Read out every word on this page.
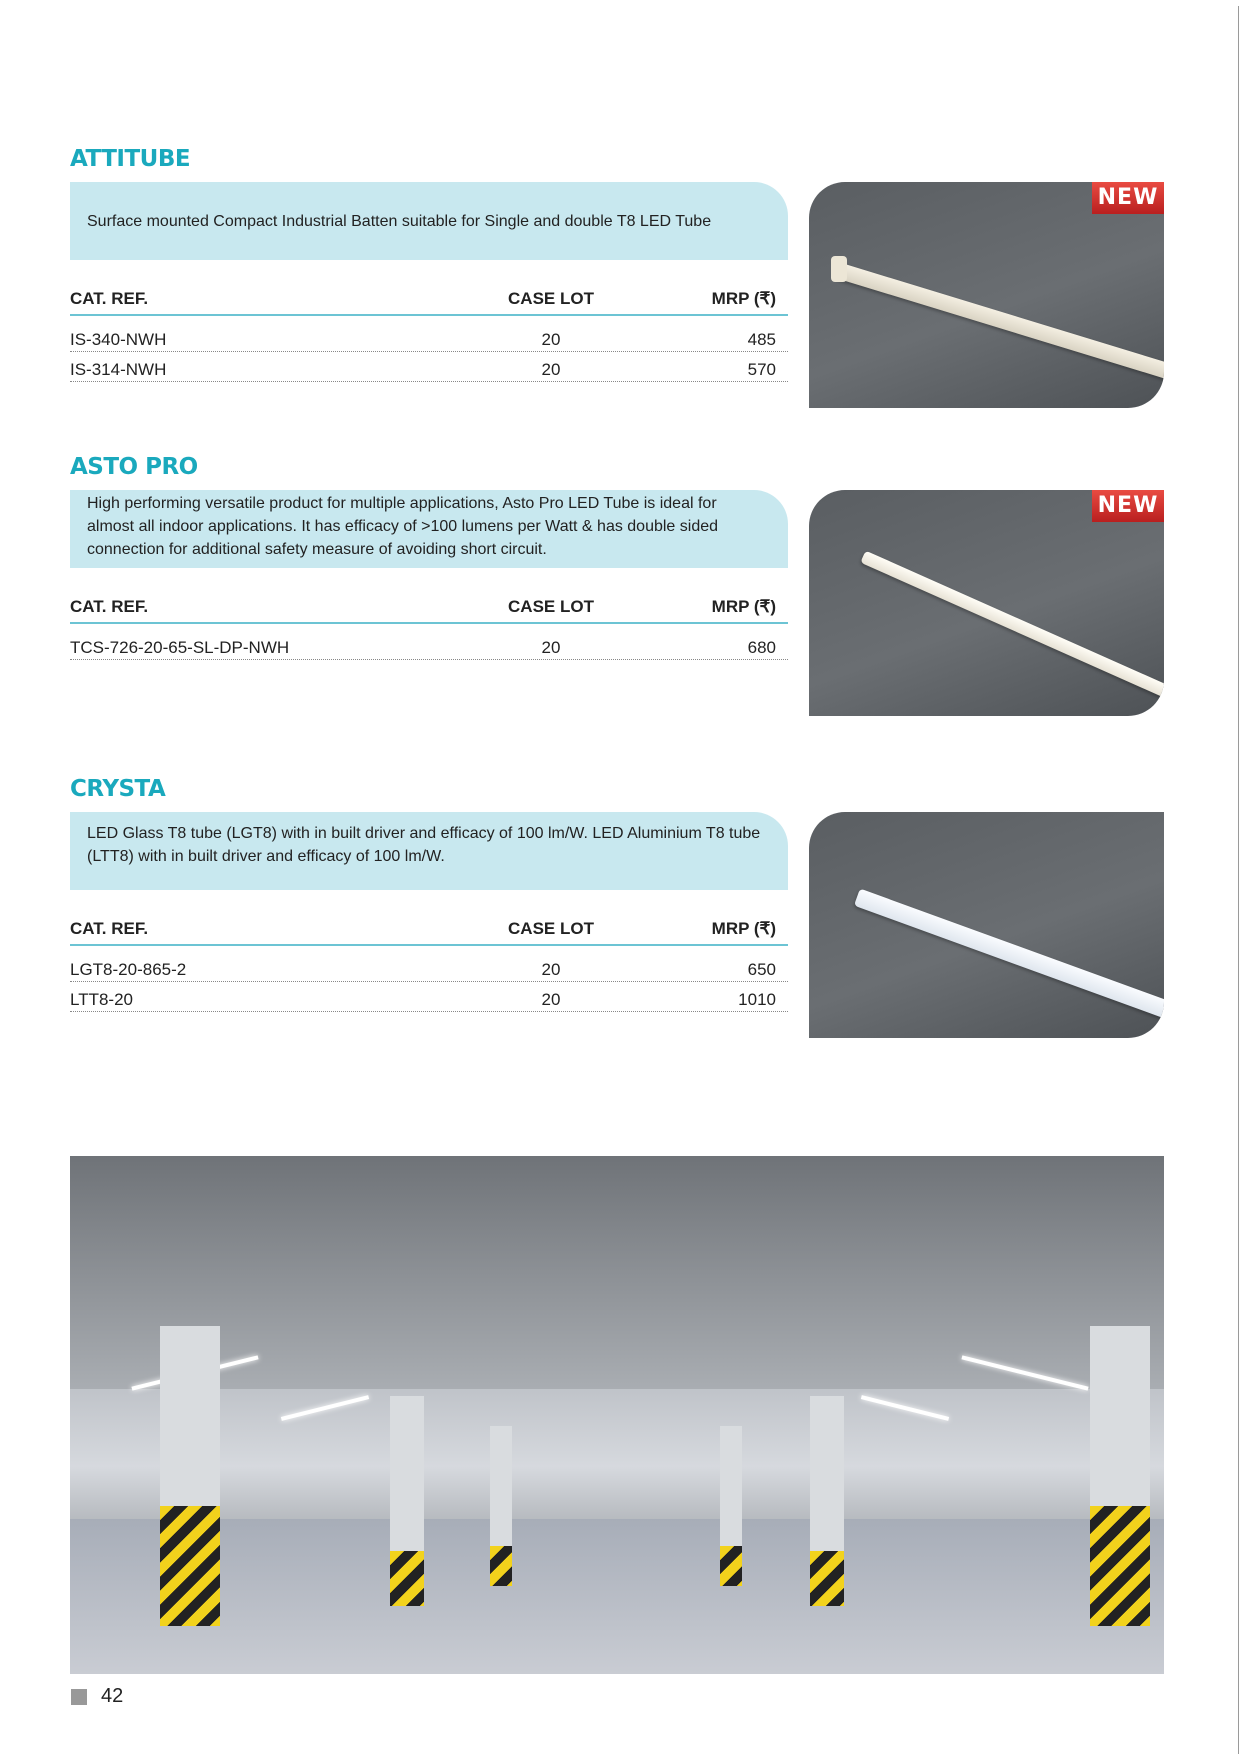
ATTITUBE
Surface mounted Compact Industrial Batten suitable for Single and double T8 LED Tube
CAT. REF.	CASE LOT	MRP (₹)
IS-340-NWH	20	485
IS-314-NWH	20	570
NEW
ASTO PRO
High performing versatile product for multiple applications, Asto Pro LED Tube is ideal for almost all indoor applications. It has efficacy of >100 lumens per Watt & has double sided connection for additional safety measure of avoiding short circuit.
CAT. REF.	CASE LOT	MRP (₹)
TCS-726-20-65-SL-DP-NWH	20	680
NEW
CRYSTA
LED Glass T8 tube (LGT8) with in built driver and efficacy of 100 lm/W. LED Aluminium T8 tube (LTT8) with in built driver and efficacy of 100 lm/W.
CAT. REF.	CASE LOT	MRP (₹)
LGT8-20-865-2	20	650
LTT8-20	20	1010
42
